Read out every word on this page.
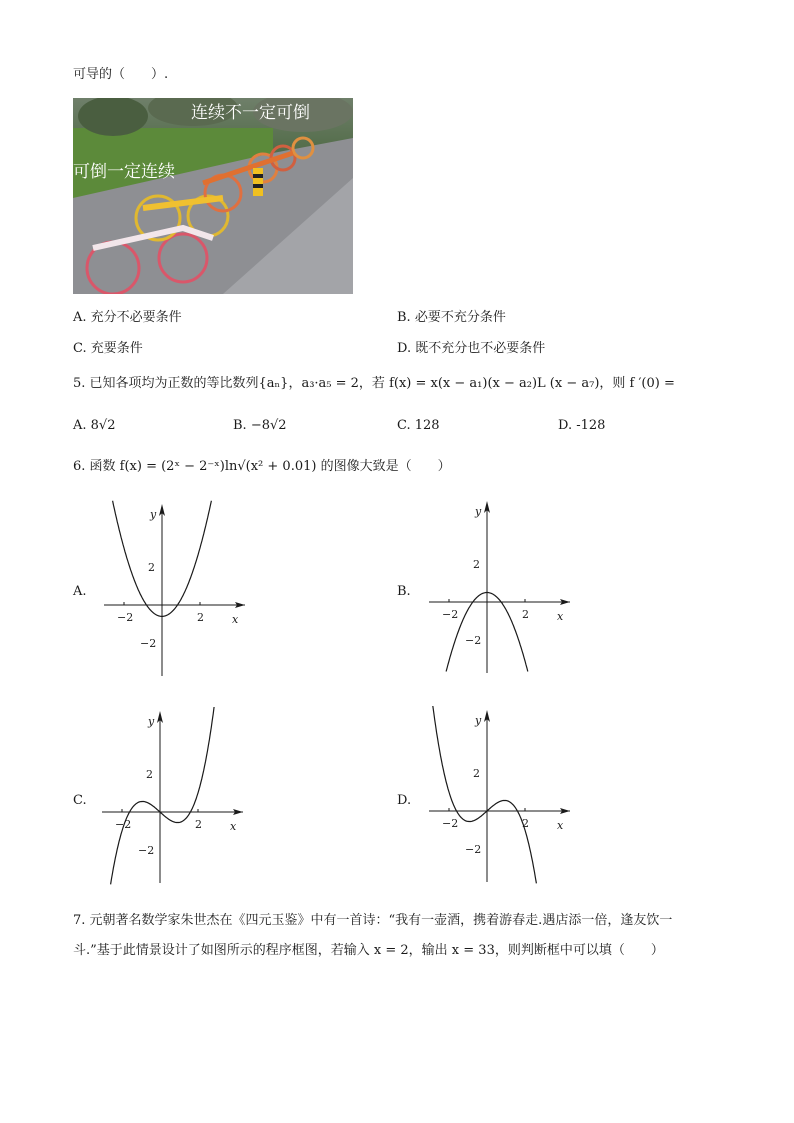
可导的（　　）.
连续不一定可倒
可倒一定连续
A. 充分不必要条件	B. 必要不充分条件
C. 充要条件	D. 既不充分也不必要条件
5. 已知各项均为正数的等比数列{aₙ}，a₃·a₅ = 2，若 f(x) = x(x − a₁)(x − a₂)L (x − a₇)，则 f ′(0) =
A. 8√2	B. −8√2	C. 128	D. -128
6. 函数 f(x) = (2ˣ − 2⁻ˣ)ln√(x² + 0.01) 的图像大致是（　　）
A.	B.
C.	D.
−2	2
2
−2
x
y
−2	2
2
−2
x
y
−2	2
2
−2
x
y
−2	2
2
−2
x
y
7. 元朝著名数学家朱世杰在《四元玉鉴》中有一首诗：“我有一壶酒，携着游春走.遇店添一倍，逢友饮一
斗.”基于此情景设计了如图所示的程序框图，若输入 x = 2，输出 x = 33，则判断框中可以填（　　）
